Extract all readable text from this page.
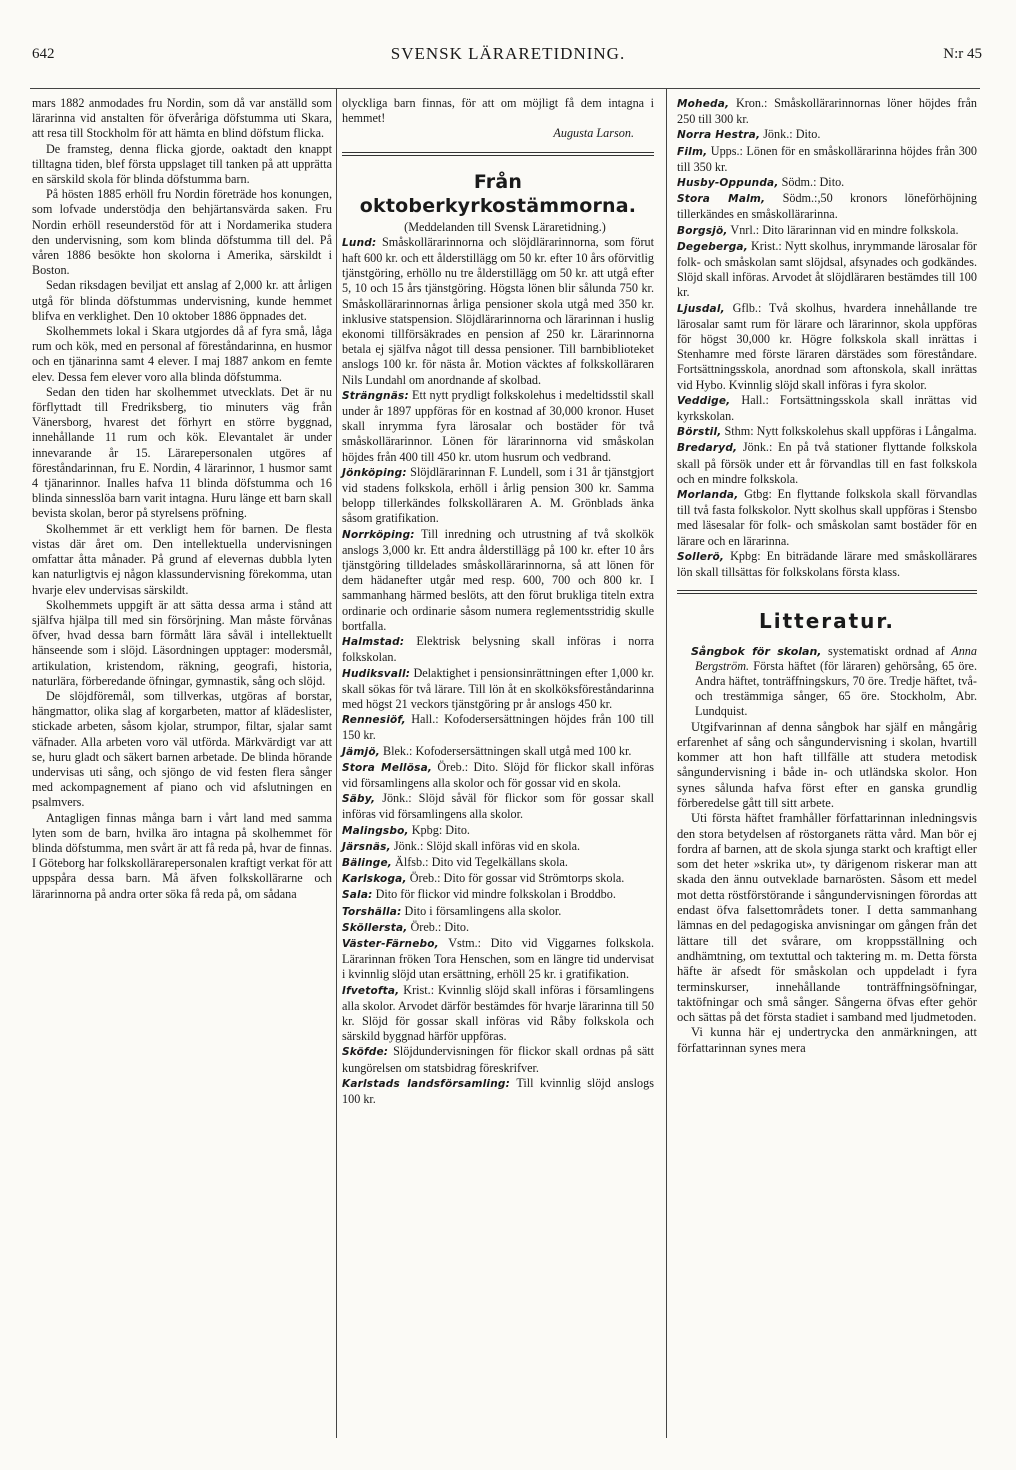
642	SVENSK LÄRARETIDNING.	N:r 45

mars 1882 anmodades fru Nordin, som då var anställd som lärarinna vid anstalten för öfveråriga döfstumma uti Skara, att resa till Stockholm för att hämta en blind döfstum flicka.

De framsteg, denna flicka gjorde, oaktadt den knappt tilltagna tiden, blef första uppslaget till tanken på att upprätta en särskild skola för blinda döfstumma barn.

På hösten 1885 erhöll fru Nordin företräde hos konungen, som lofvade understödja den behjärtansvärda saken. Fru Nordin erhöll reseunderstöd för att i Nordamerika studera den undervisning, som kom blinda döfstumma till del. På våren 1886 besökte hon skolorna i Amerika, särskildt i Boston.

Sedan riksdagen beviljat ett anslag af 2,000 kr. att årligen utgå för blinda döfstummas undervisning, kunde hemmet blifva en verklighet. Den 10 oktober 1886 öppnades det.

Skolhemmets lokal i Skara utgjordes då af fyra små, låga rum och kök, med en personal af föreståndarinna, en husmor och en tjänarinna samt 4 elever. I maj 1887 ankom en femte elev. Dessa fem elever voro alla blinda döfstumma.

Sedan den tiden har skolhemmet utvecklats. Det är nu förflyttadt till Fredriksberg, tio minuters väg från Vänersborg, hvarest det förhyrt en större byggnad, innehållande 11 rum och kök. Elevantalet är under innevarande år 15. Lärarepersonalen utgöres af föreståndarinnan, fru E. Nordin, 4 lärarinnor, 1 husmor samt 4 tjänarinnor. Inalles hafva 11 blinda döfstumma och 16 blinda sinnesslöa barn varit intagna. Huru länge ett barn skall bevista skolan, beror på styrelsens pröfning.

Skolhemmet är ett verkligt hem för barnen. De flesta vistas där året om. Den intellektuella undervisningen omfattar åtta månader. På grund af elevernas dubbla lyten kan naturligtvis ej någon klassundervisning förekomma, utan hvarje elev undervisas särskildt.

Skolhemmets uppgift är att sätta dessa arma i stånd att själfva hjälpa till med sin försörjning. Man måste förvånas öfver, hvad dessa barn förmått lära såväl i intellektuellt hänseende som i slöjd. Läsordningen upptager: modersmål, artikulation, kristendom, räkning, geografi, historia, naturlära, förberedande öfningar, gymnastik, sång och slöjd.

De slöjdföremål, som tillverkas, utgöras af borstar, hängmattor, olika slag af korgarbeten, mattor af klädeslister, stickade arbeten, såsom kjolar, strumpor, filtar, sjalar samt väfnader. Alla arbeten voro väl utförda. Märkvärdigt var att se, huru gladt och säkert barnen arbetade. De blinda hörande undervisas uti sång, och sjöngo de vid festen flera sånger med ackompagnement af piano och vid afslutningen en psalmvers.

Antagligen finnas många barn i vårt land med samma lyten som de barn, hvilka äro intagna på skolhemmet för blinda döfstumma, men svårt är att få reda på, hvar de finnas. I Göteborg har folkskollärarepersonalen kraftigt verkat för att uppspåra dessa barn. Må äfven folkskollärarne och lärarinnorna på andra orter söka få reda på, om sådana

olyckliga barn finnas, för att om möjligt få dem intagna i hemmet!

Augusta Larson.

Från oktoberkyrkostämmorna.

(Meddelanden till Svensk Läraretidning.)

Lund: Småskollärarinnorna och slöjdlärarinnorna, som förut haft 600 kr. och ett ålderstillägg om 50 kr. efter 10 års oförvitlig tjänstgöring, erhöllo nu tre ålderstillägg om 50 kr. att utgå efter 5, 10 och 15 års tjänstgöring. Högsta lönen blir sålunda 750 kr. Småskollärarinnornas årliga pensioner skola utgå med 350 kr. inklusive statspension. Slöjdlärarinnorna och lärarinnan i huslig ekonomi tillförsäkrades en pension af 250 kr. Lärarinnorna betala ej själfva något till dessa pensioner. Till barnbiblioteket anslogs 100 kr. för nästa år. Motion väcktes af folkskolläraren Nils Lundahl om anordnande af skolbad.

Strängnäs: Ett nytt prydligt folkskolehus i medeltidsstil skall under år 1897 uppföras för en kostnad af 30,000 kronor. Huset skall inrymma fyra lärosalar och bostäder för två småskollärarinnor. Lönen för lärarinnorna vid småskolan höjdes från 400 till 450 kr. utom husrum och vedbrand.

Jönköping: Slöjdlärarinnan F. Lundell, som i 31 år tjänstgjort vid stadens folkskola, erhöll i årlig pension 300 kr. Samma belopp tillerkändes folkskolläraren A. M. Grönblads änka såsom gratifikation.

Norrköping: Till inredning och utrustning af två skolkök anslogs 3,000 kr. Ett andra ålderstillägg på 100 kr. efter 10 års tjänstgöring tilldelades småskollärarinnorna, så att lönen för dem hädanefter utgår med resp. 600, 700 och 800 kr. I sammanhang härmed beslöts, att den förut brukliga titeln extra ordinarie och ordinarie såsom numera reglementsstridig skulle bortfalla.

Halmstad: Elektrisk belysning skall införas i norra folkskolan.

Hudiksvall: Delaktighet i pensionsinrättningen efter 1,000 kr. skall sökas för två lärare. Till lön åt en skolköksföreståndarinna med högst 21 veckors tjänstgöring pr år anslogs 450 kr.

Rennesiöf, Hall.: Kofodersersättningen höjdes från 100 till 150 kr.

Jämjö, Blek.: Kofodersersättningen skall utgå med 100 kr.

Stora Mellösa, Öreb.: Dito. Slöjd för flickor skall införas vid församlingens alla skolor och för gossar vid en skola.

Säby, Jönk.: Slöjd såväl för flickor som för gossar skall införas vid församlingens alla skolor.

Malingsbo, Kpbg: Dito.

Järsnäs, Jönk.: Slöjd skall införas vid en skola.

Bälinge, Älfsb.: Dito vid Tegelkällans skola.

Karlskoga, Öreb.: Dito för gossar vid Strömtorps skola.

Sala: Dito för flickor vid mindre folkskolan i Broddbo.

Torshälla: Dito i församlingens alla skolor.

Sköllersta, Öreb.: Dito.

Väster-Färnebo, Vstm.: Dito vid Viggarnes folkskola. Lärarinnan fröken Tora Henschen, som en längre tid undervisat i kvinnlig slöjd utan ersättning, erhöll 25 kr. i gratifikation.

Ifvetofta, Krist.: Kvinnlig slöjd skall införas i församlingens alla skolor. Arvodet därför bestämdes för hvarje lärarinna till 50 kr. Slöjd för gossar skall införas vid Råby folkskola och särskild byggnad härför uppföras.

Sköfde: Slöjdundervisningen för flickor skall ordnas på sätt kungörelsen om statsbidrag föreskrifver.

Karlstads landsförsamling: Till kvinnlig slöjd anslogs 100 kr.

Moheda, Kron.: Småskollärarinnornas löner höjdes från 250 till 300 kr.

Norra Hestra, Jönk.: Dito.

Film, Upps.: Lönen för en småskollärarinna höjdes från 300 till 350 kr.

Husby-Oppunda, Södm.: Dito.

Stora Malm, Södm.:,50 kronors löneförhöjning tillerkändes en småskollärarinna.

Borgsjö, Vnrl.: Dito lärarinnan vid en mindre folkskola.

Degeberga, Krist.: Nytt skolhus, inrymmande lärosalar för folk- och småskolan samt slöjdsal, afsynades och godkändes. Slöjd skall införas. Arvodet åt slöjdläraren bestämdes till 100 kr.

Ljusdal, Gflb.: Två skolhus, hvardera innehållande tre lärosalar samt rum för lärare och lärarinnor, skola uppföras för högst 30,000 kr. Högre folkskola skall inrättas i Stenhamre med förste läraren därstädes som föreståndare. Fortsättningsskola, anordnad som aftonskola, skall inrättas vid Hybo. Kvinnlig slöjd skall införas i fyra skolor.

Veddige, Hall.: Fortsättningsskola skall inrättas vid kyrkskolan.

Börstil, Sthm: Nytt folkskolehus skall uppföras i Långalma.

Bredaryd, Jönk.: En på två stationer flyttande folkskola skall på försök under ett år förvandlas till en fast folkskola och en mindre folkskola.

Morlanda, Gtbg: En flyttande folkskola skall förvandlas till två fasta folkskolor. Nytt skolhus skall uppföras i Stensbo med läsesalar för folk- och småskolan samt bostäder för en lärare och en lärarinna.

Sollerö, Kpbg: En biträdande lärare med småskollärares lön skall tillsättas för folkskolans första klass.

Litteratur.

Sångbok för skolan, systematiskt ordnad af Anna Bergström. Första häftet (för läraren) gehörsång, 65 öre. Andra häftet, tonträffningskurs, 70 öre. Tredje häftet, två- och trestämmiga sånger, 65 öre. Stockholm, Abr. Lundquist.

Utgifvarinnan af denna sångbok har själf en mångårig erfarenhet af sång och sångundervisning i skolan, hvartill kommer att hon haft tillfälle att studera metodisk sångundervisning i både in- och utländska skolor. Hon synes sålunda hafva först efter en ganska grundlig förberedelse gått till sitt arbete.

Uti första häftet framhåller författarinnan inledningsvis den stora betydelsen af röstorganets rätta vård. Man bör ej fordra af barnen, att de skola sjunga starkt och kraftigt eller som det heter »skrika ut», ty därigenom riskerar man att skada den ännu outveklade barnarösten. Såsom ett medel mot detta röstförstörande i sångundervisningen förordas att endast öfva falsettområdets toner. I detta sammanhang lämnas en del pedagogiska anvisningar om gången från det lättare till det svårare, om kroppsställning och andhämtning, om textuttal och taktering m. m. Detta första häfte är afsedt för småskolan och uppdeladt i fyra terminskurser, innehållande tonträffningsöfningar, taktöfningar och små sånger. Sångerna öfvas efter gehör och sättas på det första stadiet i samband med ljudmetoden.

Vi kunna här ej undertrycka den anmärkningen, att författarinnan synes mera
